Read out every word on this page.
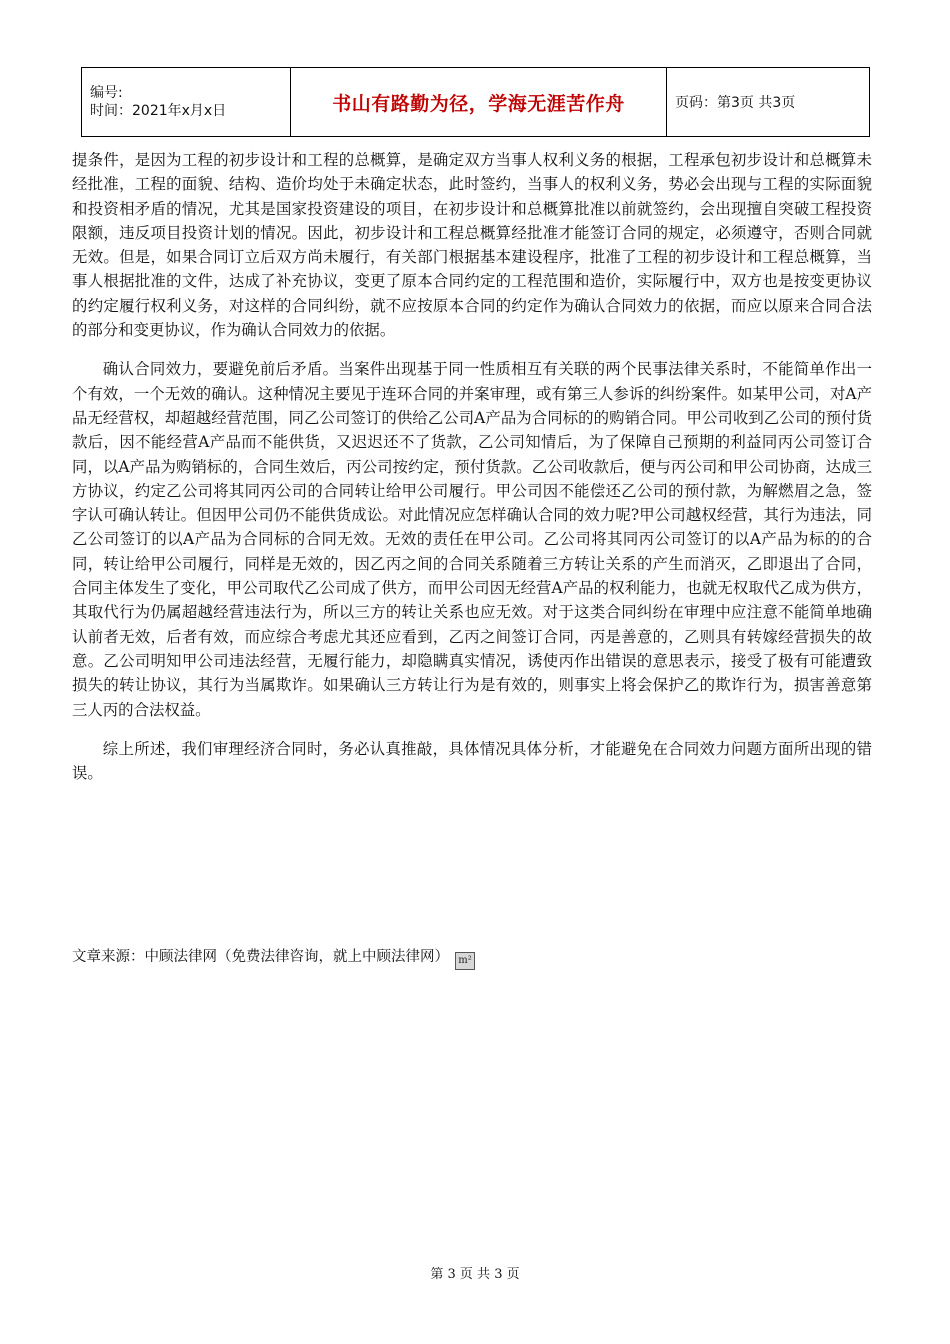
编号:
时间：2021年x月x日	书山有路勤为径，学海无涯苦作舟	页码：第3页 共3页

提条件，是因为工程的初步设计和工程的总概算，是确定双方当事人权利义务的根据，工程承包初步设计和总概算未经批准，工程的面貌、结构、造价均处于未确定状态，此时签约，当事人的权利义务，势必会出现与工程的实际面貌和投资相矛盾的情况，尤其是国家投资建设的项目，在初步设计和总概算批准以前就签约，会出现擅自突破工程投资限额，违反项目投资计划的情况。因此，初步设计和工程总概算经批准才能签订合同的规定，必须遵守，否则合同就无效。但是，如果合同订立后双方尚未履行，有关部门根据基本建设程序，批准了工程的初步设计和工程总概算，当事人根据批准的文件，达成了补充协议，变更了原本合同约定的工程范围和造价，实际履行中，双方也是按变更协议的约定履行权利义务，对这样的合同纠纷，就不应按原本合同的约定作为确认合同效力的依据，而应以原来合同合法的部分和变更协议，作为确认合同效力的依据。

确认合同效力，要避免前后矛盾。当案件出现基于同一性质相互有关联的两个民事法律关系时，不能简单作出一个有效，一个无效的确认。这种情况主要见于连环合同的并案审理，或有第三人参诉的纠纷案件。如某甲公司，对A产品无经营权，却超越经营范围，同乙公司签订的供给乙公司A产品为合同标的的购销合同。甲公司收到乙公司的预付货款后，因不能经营A产品而不能供货，又迟迟还不了货款，乙公司知情后，为了保障自己预期的利益同丙公司签订合同，以A产品为购销标的，合同生效后，丙公司按约定，预付货款。乙公司收款后，便与丙公司和甲公司协商，达成三方协议，约定乙公司将其同丙公司的合同转让给甲公司履行。甲公司因不能偿还乙公司的预付款，为解燃眉之急，签字认可确认转让。但因甲公司仍不能供货成讼。对此情况应怎样确认合同的效力呢?甲公司越权经营，其行为违法，同乙公司签订的以A产品为合同标的合同无效。无效的责任在甲公司。乙公司将其同丙公司签订的以A产品为标的的合同，转让给甲公司履行，同样是无效的，因乙丙之间的合同关系随着三方转让关系的产生而消灭，乙即退出了合同，合同主体发生了变化，甲公司取代乙公司成了供方，而甲公司因无经营A产品的权利能力，也就无权取代乙成为供方，其取代行为仍属超越经营违法行为，所以三方的转让关系也应无效。对于这类合同纠纷在审理中应注意不能简单地确认前者无效，后者有效，而应综合考虑尤其还应看到，乙丙之间签订合同，丙是善意的，乙则具有转嫁经营损失的故意。乙公司明知甲公司违法经营，无履行能力，却隐瞒真实情况，诱使丙作出错误的意思表示，接受了极有可能遭致损失的转让协议，其行为当属欺诈。如果确认三方转让行为是有效的，则事实上将会保护乙的欺诈行为，损害善意第三人丙的合法权益。

综上所述，我们审理经济合同时，务必认真推敲，具体情况具体分析，才能避免在合同效力问题方面所出现的错误。

文章来源：中顾法律网（免费法律咨询，就上中顾法律网） m²
第 3 页 共 3 页
